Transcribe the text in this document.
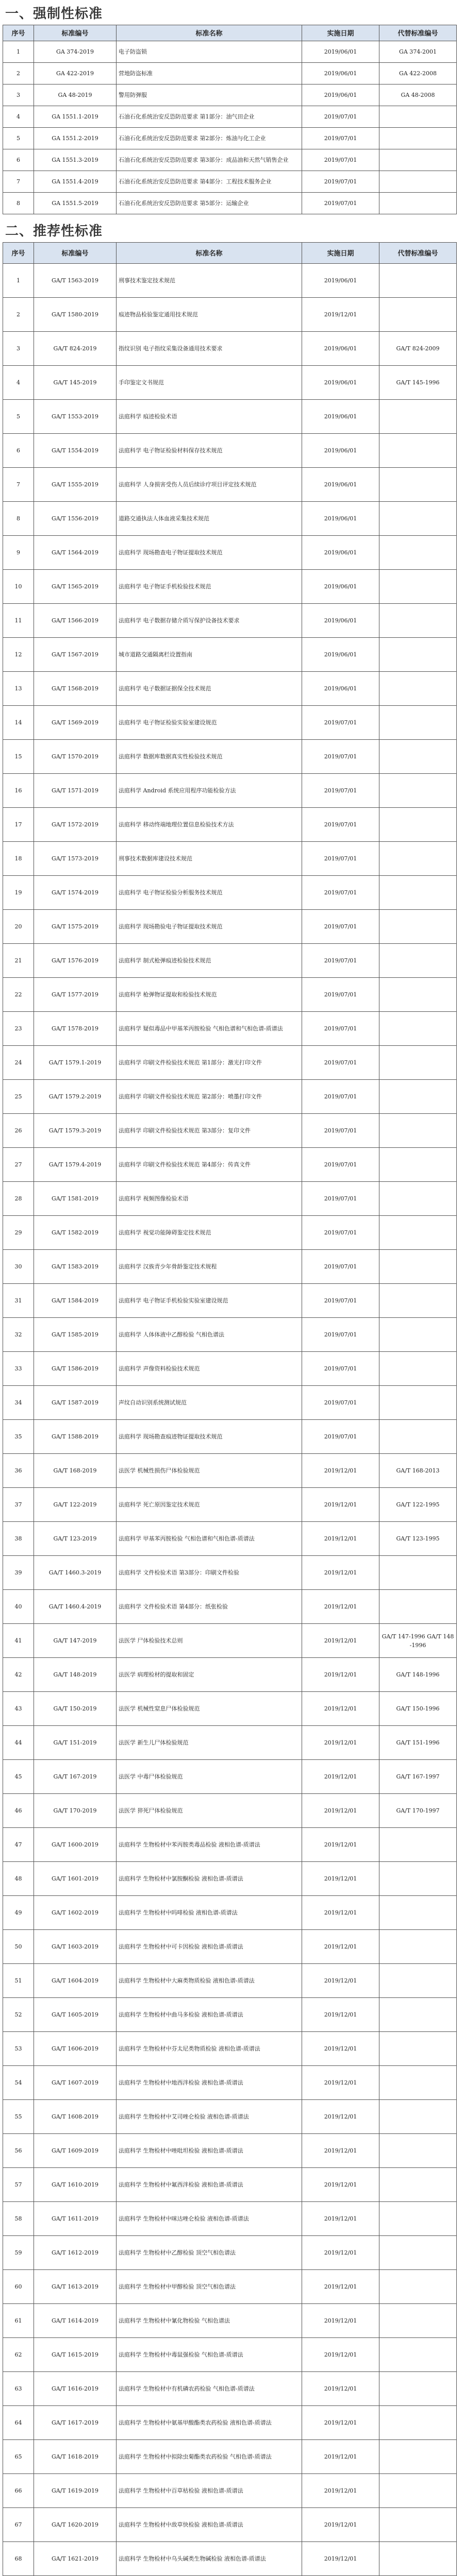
一、强制性标准
序号	标准编号	标准名称	实施日期	代替标准编号
1	GA 374-2019	电子防盗锁	2019/06/01	GA 374-2001
2	GA 422-2019	营地防盗标准	2019/06/01	GA 422-2008
3	GA 48-2019	警用防弹服	2019/06/01	GA 48-2008
4	GA 1551.1-2019	石油石化系统治安反恐防范要求 第1部分：油气田企业	2019/07/01	
5	GA 1551.2-2019	石油石化系统治安反恐防范要求 第2部分：炼油与化工企业	2019/07/01	
6	GA 1551.3-2019	石油石化系统治安反恐防范要求 第3部分：成品油和天然气销售企业	2019/07/01	
7	GA 1551.4-2019	石油石化系统治安反恐防范要求 第4部分：工程技术服务企业	2019/07/01	
8	GA 1551.5-2019	石油石化系统治安反恐防范要求 第5部分：运输企业	2019/07/01	
二、推荐性标准
序号	标准编号	标准名称	实施日期	代替标准编号
1	GA/T 1563-2019	刑事技术鉴定技术规范	2019/06/01	
2	GA/T 1580-2019	痕迹物品检验鉴定通用技术规范	2019/12/01	
3	GA/T 824-2019	指纹识别 电子指纹采集设备通用技术要求	2019/06/01	GA/T 824-2009
4	GA/T 145-2019	手印鉴定文书规范	2019/06/01	GA/T 145-1996
5	GA/T 1553-2019	法庭科学 痕迹检验术语	2019/06/01	
6	GA/T 1554-2019	法庭科学 电子物证检验材料保存技术规范	2019/06/01	
7	GA/T 1555-2019	法庭科学 人身损害受伤人员后续诊疗项目评定技术规范	2019/06/01	
8	GA/T 1556-2019	道路交通执法人体血液采集技术规范	2019/06/01	
9	GA/T 1564-2019	法庭科学 现场勘查电子物证提取技术规范	2019/06/01	
10	GA/T 1565-2019	法庭科学 电子物证手机检验技术规范	2019/06/01	
11	GA/T 1566-2019	法庭科学 电子数据存储介质写保护设备技术要求	2019/06/01	
12	GA/T 1567-2019	城市道路交通隔离栏设置指南	2019/06/01	
13	GA/T 1568-2019	法庭科学 电子数据证据保全技术规范	2019/06/01	
14	GA/T 1569-2019	法庭科学 电子物证检验实验室建设规范	2019/07/01	
15	GA/T 1570-2019	法庭科学 数据库数据真实性检验技术规范	2019/07/01	
16	GA/T 1571-2019	法庭科学 Android 系统应用程序功能检验方法	2019/07/01	
17	GA/T 1572-2019	法庭科学 移动终端地理位置信息检验技术方法	2019/07/01	
18	GA/T 1573-2019	刑事技术数据库建设技术规范	2019/07/01	
19	GA/T 1574-2019	法庭科学 电子物证检验分析服务技术规范	2019/07/01	
20	GA/T 1575-2019	法庭科学 现场勘验电子物证提取技术规范	2019/07/01	
21	GA/T 1576-2019	法庭科学 制式枪弹痕迹检验技术规范	2019/07/01	
22	GA/T 1577-2019	法庭科学 枪弹物证提取和检验技术规范	2019/07/01	
23	GA/T 1578-2019	法庭科学 疑似毒品中甲基苯丙胺检验 气相色谱和气相色谱-质谱法	2019/07/01	
24	GA/T 1579.1-2019	法庭科学 印刷文件检验技术规范 第1部分：激光打印文件	2019/07/01	
25	GA/T 1579.2-2019	法庭科学 印刷文件检验技术规范 第2部分：喷墨打印文件	2019/07/01	
26	GA/T 1579.3-2019	法庭科学 印刷文件检验技术规范 第3部分：复印文件	2019/07/01	
27	GA/T 1579.4-2019	法庭科学 印刷文件检验技术规范 第4部分：传真文件	2019/07/01	
28	GA/T 1581-2019	法庭科学 视频图像检验术语	2019/07/01	
29	GA/T 1582-2019	法庭科学 视觉功能障碍鉴定技术规范	2019/07/01	
30	GA/T 1583-2019	法庭科学 汉族青少年骨龄鉴定技术规程	2019/07/01	
31	GA/T 1584-2019	法庭科学 电子物证手机检验实验室建设规范	2019/07/01	
32	GA/T 1585-2019	法庭科学 人体体液中乙醇检验 气相色谱法	2019/07/01	
33	GA/T 1586-2019	法庭科学 声像资料检验技术规范	2019/07/01	
34	GA/T 1587-2019	声纹自动识别系统测试规范	2019/07/01	
35	GA/T 1588-2019	法庭科学 现场勘查痕迹物证提取技术规范	2019/07/01	
36	GA/T 168-2019	法医学 机械性损伤尸体检验规范	2019/12/01	GA/T 168-2013
37	GA/T 122-2019	法庭科学 死亡原因鉴定技术规范	2019/12/01	GA/T 122-1995
38	GA/T 123-2019	法庭科学 甲基苯丙胺检验 气相色谱和气相色谱-质谱法	2019/12/01	GA/T 123-1995
39	GA/T 1460.3-2019	法庭科学 文件检验术语 第3部分：印刷文件检验	2019/12/01	
40	GA/T 1460.4-2019	法庭科学 文件检验术语 第4部分：纸张检验	2019/12/01	
41	GA/T 147-2019	法医学 尸体检验技术总则	2019/12/01	GA/T 147-1996 GA/T 148-1996
42	GA/T 148-2019	法医学 病理检材的提取和固定	2019/12/01	GA/T 148-1996
43	GA/T 150-2019	法医学 机械性窒息尸体检验规范	2019/12/01	GA/T 150-1996
44	GA/T 151-2019	法医学 新生儿尸体检验规范	2019/12/01	GA/T 151-1996
45	GA/T 167-2019	法医学 中毒尸体检验规范	2019/12/01	GA/T 167-1997
46	GA/T 170-2019	法医学 猝死尸体检验规范	2019/12/01	GA/T 170-1997
47	GA/T 1600-2019	法庭科学 生物检材中苯丙胺类毒品检验 液相色谱-质谱法	2019/12/01	
48	GA/T 1601-2019	法庭科学 生物检材中氯胺酮检验 液相色谱-质谱法	2019/12/01	
49	GA/T 1602-2019	法庭科学 生物检材中吗啡检验 液相色谱-质谱法	2019/12/01	
50	GA/T 1603-2019	法庭科学 生物检材中可卡因检验 液相色谱-质谱法	2019/12/01	
51	GA/T 1604-2019	法庭科学 生物检材中大麻类物质检验 液相色谱-质谱法	2019/12/01	
52	GA/T 1605-2019	法庭科学 生物检材中曲马多检验 液相色谱-质谱法	2019/12/01	
53	GA/T 1606-2019	法庭科学 生物检材中芬太尼类物质检验 液相色谱-质谱法	2019/12/01	
54	GA/T 1607-2019	法庭科学 生物检材中地西泮检验 液相色谱-质谱法	2019/12/01	
55	GA/T 1608-2019	法庭科学 生物检材中艾司唑仑检验 液相色谱-质谱法	2019/12/01	
56	GA/T 1609-2019	法庭科学 生物检材中唑吡坦检验 液相色谱-质谱法	2019/12/01	
57	GA/T 1610-2019	法庭科学 生物检材中氟西泮检验 液相色谱-质谱法	2019/12/01	
58	GA/T 1611-2019	法庭科学 生物检材中咪达唑仑检验 液相色谱-质谱法	2019/12/01	
59	GA/T 1612-2019	法庭科学 生物检材中乙醇检验 顶空气相色谱法	2019/12/01	
60	GA/T 1613-2019	法庭科学 生物检材中甲醇检验 顶空气相色谱法	2019/12/01	
61	GA/T 1614-2019	法庭科学 生物检材中氰化物检验 气相色谱法	2019/12/01	
62	GA/T 1615-2019	法庭科学 生物检材中毒鼠强检验 气相色谱-质谱法	2019/12/01	
63	GA/T 1616-2019	法庭科学 生物检材中有机磷农药检验 气相色谱-质谱法	2019/12/01	
64	GA/T 1617-2019	法庭科学 生物检材中氨基甲酸酯类农药检验 液相色谱-质谱法	2019/12/01	
65	GA/T 1618-2019	法庭科学 生物检材中拟除虫菊酯类农药检验 气相色谱-质谱法	2019/12/01	
66	GA/T 1619-2019	法庭科学 生物检材中百草枯检验 液相色谱-质谱法	2019/12/01	
67	GA/T 1620-2019	法庭科学 生物检材中敌草快检验 液相色谱-质谱法	2019/12/01	
68	GA/T 1621-2019	法庭科学 生物检材中乌头碱类生物碱检验 液相色谱-质谱法	2019/12/01	
